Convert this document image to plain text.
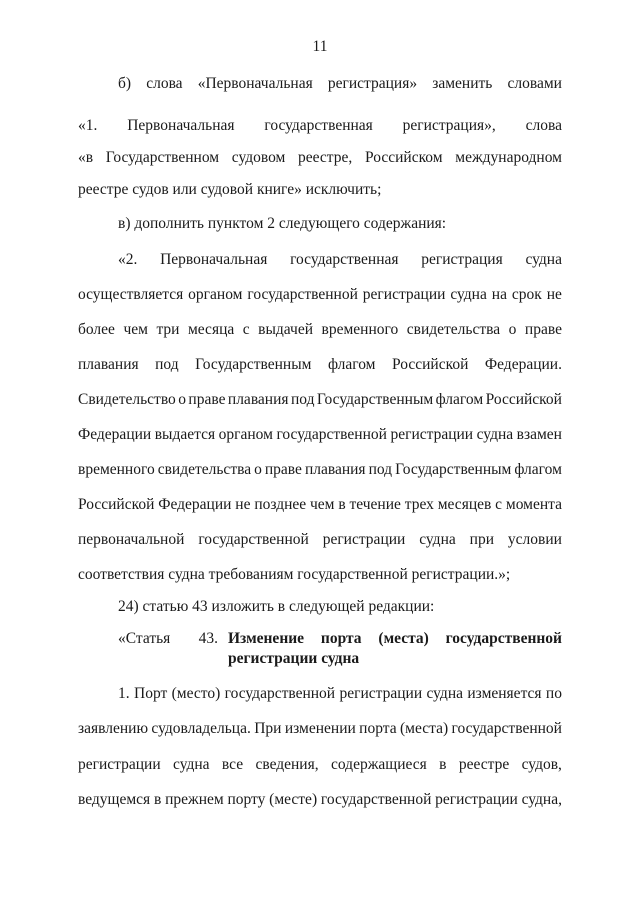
11
б) слова «Первоначальная регистрация» заменить словами
«1. Первоначальная государственная регистрация», слова
«в Государственном судовом реестре, Российском международном
реестре судов или судовой книге» исключить;
в) дополнить пунктом 2 следующего содержания:
«2. Первоначальная государственная регистрация судна
осуществляется органом государственной регистрации судна на срок не
более чем три месяца с выдачей временного свидетельства о праве
плавания под Государственным флагом Российской Федерации.
Свидетельство о праве плавания под Государственным флагом Российской
Федерации выдается органом государственной регистрации судна взамен
временного свидетельства о праве плавания под Государственным флагом
Российской Федерации не позднее чем в течение трех месяцев с момента
первоначальной государственной регистрации судна при условии
соответствия судна требованиям государственной регистрации.»;
24) статью 43 изложить в следующей редакции:
«Статья 43. Изменение порта (места) государственной
регистрации судна
1. Порт (место) государственной регистрации судна изменяется по
заявлению судовладельца. При изменении порта (места) государственной
регистрации судна все сведения, содержащиеся в реестре судов,
ведущемся в прежнем порту (месте) государственной регистрации судна,
